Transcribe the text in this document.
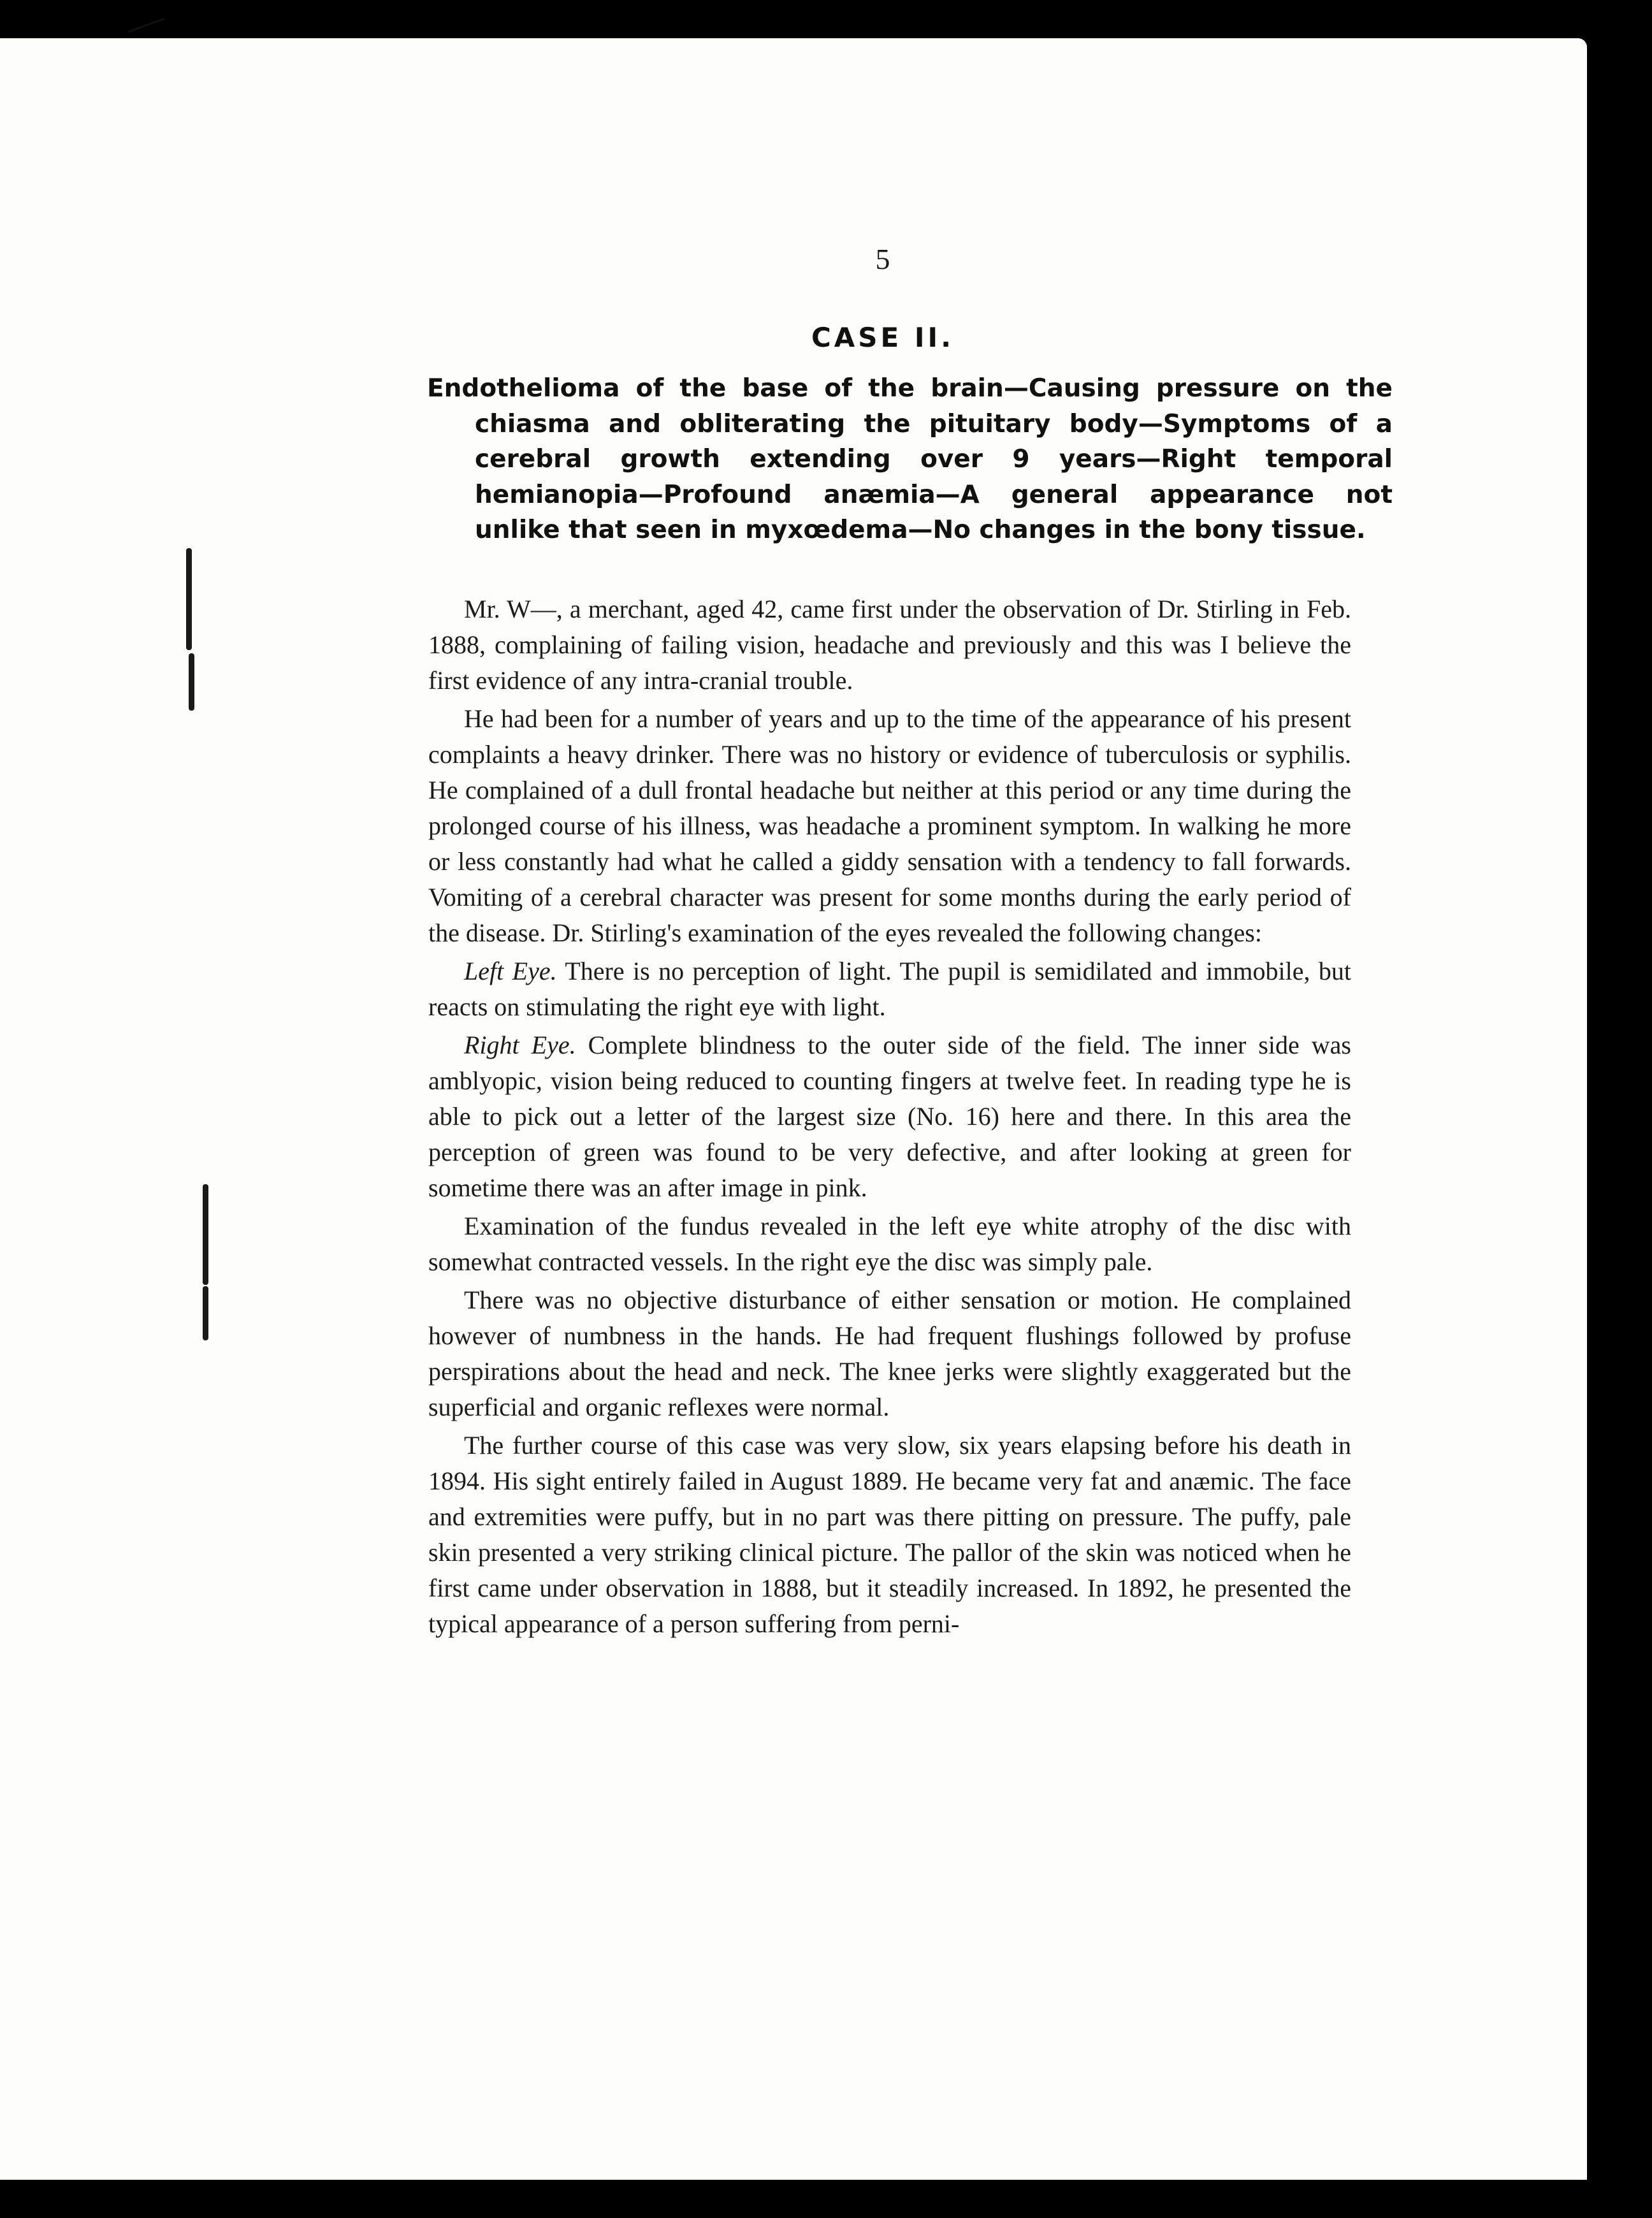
5

CASE II.

Endothelioma of the base of the brain—Causing pressure on the chiasma and obliterating the pituitary body—Symptoms of a cerebral growth extending over 9 years—Right temporal hemianopia—Profound anæmia—A general appearance not unlike that seen in myxœdema—No changes in the bony tissue.

Mr. W—, a merchant, aged 42, came first under the observation of Dr. Stirling in Feb. 1888, complaining of failing vision, headache and previously and this was I believe the first evidence of any intra-cranial trouble.

He had been for a number of years and up to the time of the appearance of his present complaints a heavy drinker. There was no history or evidence of tuberculosis or syphilis. He complained of a dull frontal headache but neither at this period or any time during the prolonged course of his illness, was headache a prominent symptom. In walking he more or less constantly had what he called a giddy sensation with a tendency to fall forwards. Vomiting of a cerebral character was present for some months during the early period of the disease. Dr. Stirling's examination of the eyes revealed the following changes:

Left Eye. There is no perception of light. The pupil is semidilated and immobile, but reacts on stimulating the right eye with light.

Right Eye. Complete blindness to the outer side of the field. The inner side was amblyopic, vision being reduced to counting fingers at twelve feet. In reading type he is able to pick out a letter of the largest size (No. 16) here and there. In this area the perception of green was found to be very defective, and after looking at green for sometime there was an after image in pink.

Examination of the fundus revealed in the left eye white atrophy of the disc with somewhat contracted vessels. In the right eye the disc was simply pale.

There was no objective disturbance of either sensation or motion. He complained however of numbness in the hands. He had frequent flushings followed by profuse perspirations about the head and neck. The knee jerks were slightly exaggerated but the superficial and organic reflexes were normal.

The further course of this case was very slow, six years elapsing before his death in 1894. His sight entirely failed in August 1889. He became very fat and anæmic. The face and extremities were puffy, but in no part was there pitting on pressure. The puffy, pale skin presented a very striking clinical picture. The pallor of the skin was noticed when he first came under observation in 1888, but it steadily increased. In 1892, he presented the typical appearance of a person suffering from perni-
